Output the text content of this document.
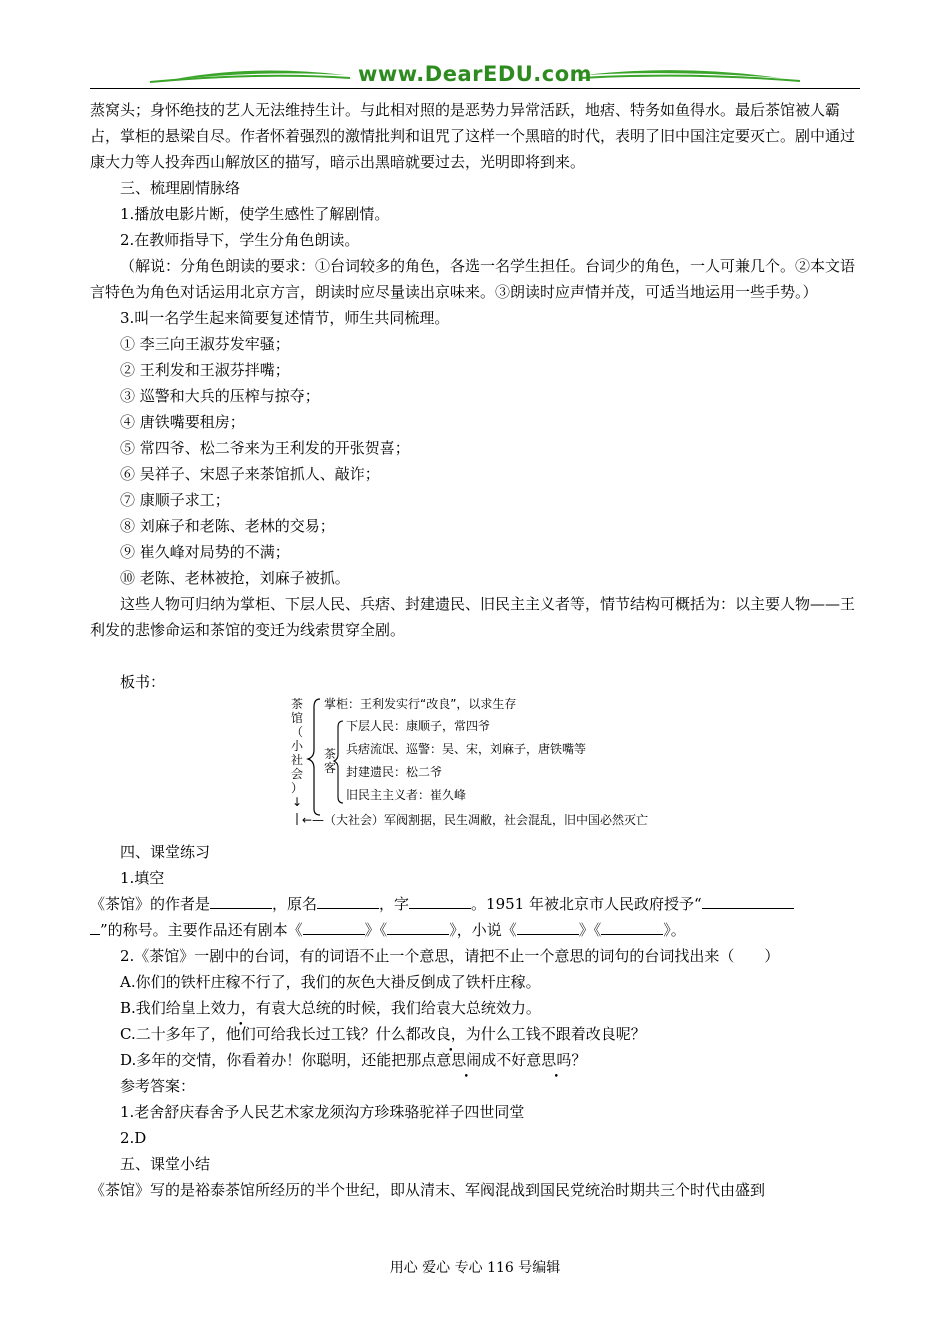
www.DearEDU.com

蒸窝头；身怀绝技的艺人无法维持生计。与此相对照的是恶势力异常活跃，地痞、特务如鱼得水。最后茶馆被人霸占，掌柜的悬梁自尽。作者怀着强烈的激情批判和诅咒了这样一个黑暗的时代，表明了旧中国注定要灭亡。剧中通过康大力等人投奔西山解放区的描写，暗示出黑暗就要过去，光明即将到来。

三、梳理剧情脉络

1.播放电影片断，使学生感性了解剧情。

2.在教师指导下，学生分角色朗读。

（解说：分角色朗读的要求：①台词较多的角色，各选一名学生担任。台词少的角色，一人可兼几个。②本文语言特色为角色对话运用北京方言，朗读时应尽量读出京味来。③朗读时应声情并茂，可适当地运用一些手势。）

3.叫一名学生起来简要复述情节，师生共同梳理。

① 李三向王淑芬发牢骚；

② 王利发和王淑芬拌嘴；

③ 巡警和大兵的压榨与掠夺；

④ 唐铁嘴要租房；

⑤ 常四爷、松二爷来为王利发的开张贺喜；

⑥ 吴祥子、宋恩子来茶馆抓人、敲诈；

⑦ 康顺子求工；

⑧ 刘麻子和老陈、老林的交易；

⑨ 崔久峰对局势的不满；

⑩ 老陈、老林被抢，刘麻子被抓。

这些人物可归纳为掌柜、下层人民、兵痞、封建遗民、旧民主主义者等，情节结构可概括为：以主要人物——王利发的悲惨命运和茶馆的变迁为线索贯穿全剧。

板书：

茶
馆
（
小
社
会
）
↓
掌柜：王利发实行“改良”，以求生存
茶
客
下层人民：康顺子，常四爷
兵痞流氓、巡警：吴、宋，刘麻子，唐铁嘴等
封建遗民：松二爷
旧民主主义者：崔久峰
←—（大社会）军阀割据，民生凋敝，社会混乱，旧中国必然灭亡

四、课堂练习

1.填空

《茶馆》的作者是	，原名	，字	。1951 年被北京市人民政府授予“
”的称号。主要作品还有剧本《	》《	》，小说《	》《	》。

2.《茶馆》一剧中的台词，有的词语不止一个意思，请把不止一个意思的词句的台词找出来（　　）

A.你们的铁杆庄稼不行了，我们的灰色大褂反倒成了铁杆庄稼。

B.我们给皇上效力，有袁大总统的时候，我们给袁大总统效力。

C.二十多年了，他们可给我长过工钱？什么都改良，为什么工钱不跟着改良呢？

D.多年的交情，你看着办！你聪明，还能把那点意思闹成不好意思吗？

参考答案：

1.老舍舒庆春舍予人民艺术家龙须沟方珍珠骆驼祥子四世同堂

2.D

五、课堂小结

《茶馆》写的是裕泰茶馆所经历的半个世纪，即从清末、军阀混战到国民党统治时期共三个时代由盛到

用心 爱心 专心 116 号编辑
